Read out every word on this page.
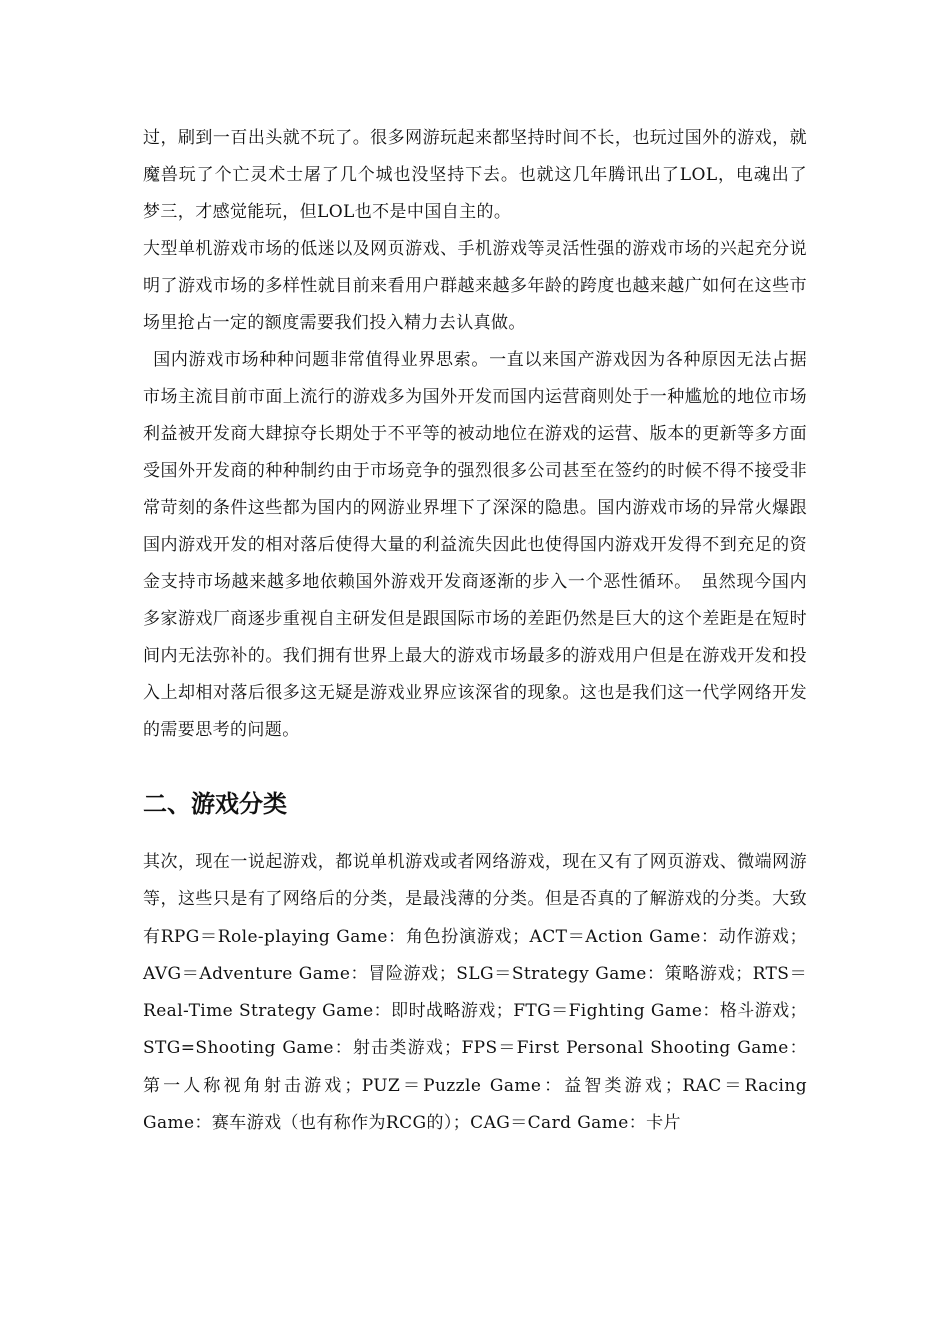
过，刷到一百出头就不玩了。很多网游玩起来都坚持时间不长，也玩过国外的游戏，就魔兽玩了个亡灵术士屠了几个城也没坚持下去。也就这几年腾讯出了LOL，电魂出了梦三，才感觉能玩，但LOL也不是中国自主的。

大型单机游戏市场的低迷以及网页游戏、手机游戏等灵活性强的游戏市场的兴起充分说明了游戏市场的多样性就目前来看用户群越来越多年龄的跨度也越来越广如何在这些市场里抢占一定的额度需要我们投入精力去认真做。

国内游戏市场种种问题非常值得业界思索。一直以来国产游戏因为各种原因无法占据市场主流目前市面上流行的游戏多为国外开发而国内运营商则处于一种尴尬的地位市场利益被开发商大肆掠夺长期处于不平等的被动地位在游戏的运营、版本的更新等多方面受国外开发商的种种制约由于市场竞争的强烈很多公司甚至在签约的时候不得不接受非常苛刻的条件这些都为国内的网游业界埋下了深深的隐患。国内游戏市场的异常火爆跟国内游戏开发的相对落后使得大量的利益流失因此也使得国内游戏开发得不到充足的资金支持市场越来越多地依赖国外游戏开发商逐渐的步入一个恶性循环。　虽然现今国内多家游戏厂商逐步重视自主研发但是跟国际市场的差距仍然是巨大的这个差距是在短时间内无法弥补的。我们拥有世界上最大的游戏市场最多的游戏用户但是在游戏开发和投入上却相对落后很多这无疑是游戏业界应该深省的现象。这也是我们这一代学网络开发的需要思考的问题。

二、游戏分类

其次，现在一说起游戏，都说单机游戏或者网络游戏，现在又有了网页游戏、微端网游等，这些只是有了网络后的分类，是最浅薄的分类。但是否真的了解游戏的分类。大致有RPG＝Role-playing Game：角色扮演游戏；ACT＝Action Game：动作游戏；AVG＝Adventure Game：冒险游戏；SLG＝Strategy Game：策略游戏；RTS＝Real-Time Strategy Game：即时战略游戏；FTG＝Fighting Game：格斗游戏；STG=Shooting Game：射击类游戏；FPS＝First Personal Shooting Game：第一人称视角射击游戏；PUZ＝Puzzle Game：益智类游戏；RAC＝Racing Game：赛车游戏（也有称作为RCG的）；CAG＝Card Game：卡片
